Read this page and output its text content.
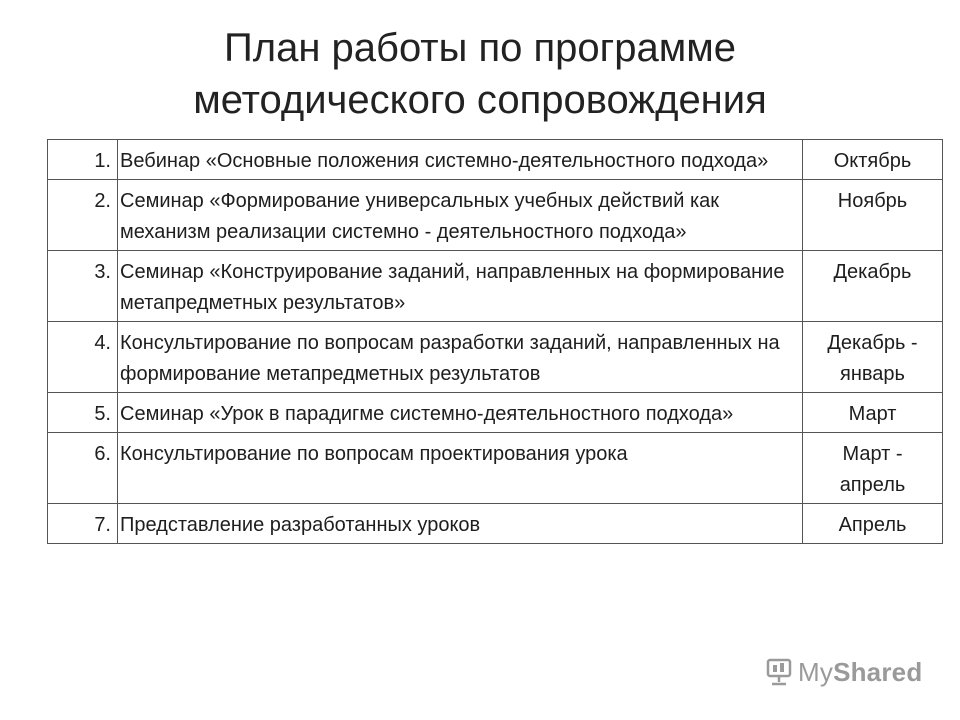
План работы по программе
методического сопровождения
1.	Вебинар «Основные положения системно-деятельностного подхода»	Октябрь
2.	Семинар «Формирование универсальных учебных действий как механизм реализации системно - деятельностного подхода»	Ноябрь
3.	Семинар «Конструирование заданий, направленных на формирование метапредметных результатов»	Декабрь
4.	Консультирование по вопросам разработки заданий, направленных на формирование метапредметных результатов	Декабрь - январь
5.	Семинар «Урок в парадигме системно-деятельностного подхода»	Март
6.	Консультирование по вопросам проектирования урока	Март - апрель
7.	Представление разработанных уроков	Апрель
MyShared
